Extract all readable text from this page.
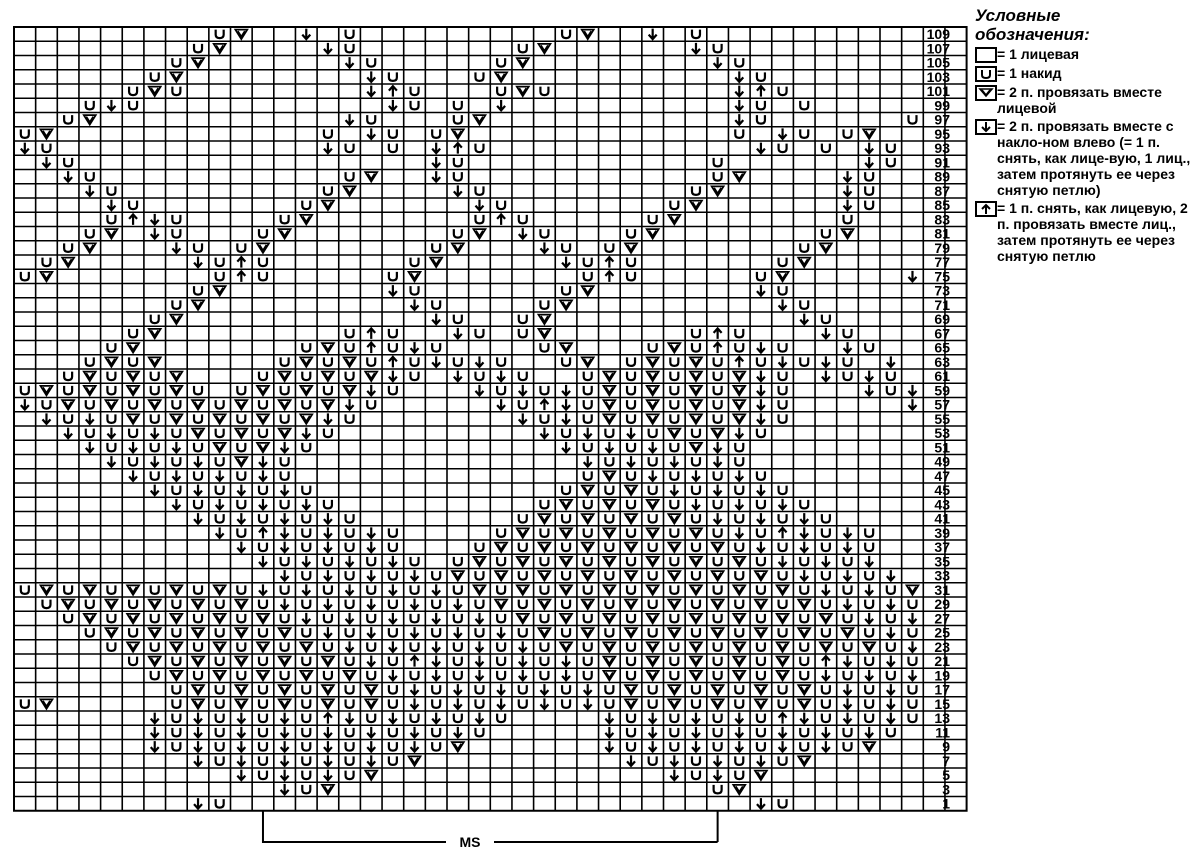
109
107
105
103
101
99
97
95
93
91
89
87
85
83
81
79
77
75
73
71
69
67
65
63
61
59
57
55
53
51
49
47
45
43
41
39
37
35
33
31
29
27
25
23
21
19
17
15
13
11
9
7
5
3
1
MS
Условные
обозначения:
= 1 лицевая
= 1 накид
= 2 п. провязать вместе лицевой
= 2 п. провязать вместе с накло-ном влево (= 1 п. снять, как лице-вую, 1 лиц., затем протянуть ее через снятую петлю)
= 1 п. снять, как лицевую, 2 п. провязать вместе лиц., затем протянуть ее через снятую петлю
